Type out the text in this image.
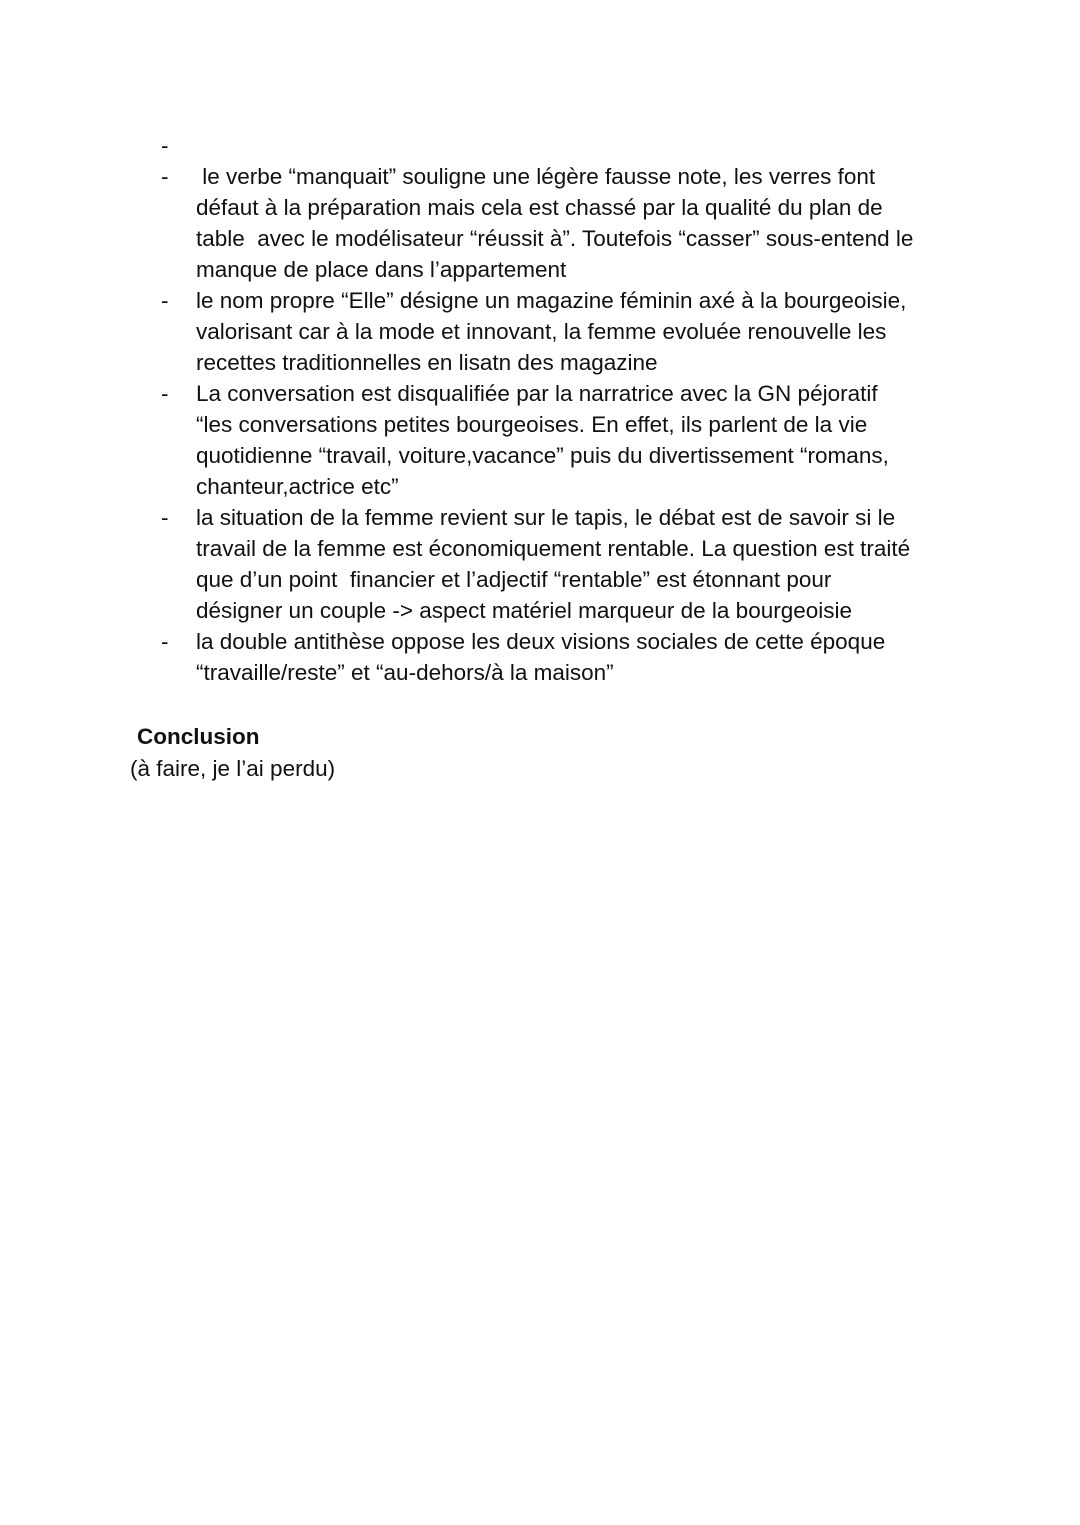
-
-	le verbe “manquait” souligne une légère fausse note, les verres font
défaut à la préparation mais cela est chassé par la qualité du plan de
table  avec le modélisateur “réussit à”. Toutefois “casser” sous-entend le
manque de place dans l’appartement
-	le nom propre “Elle” désigne un magazine féminin axé à la bourgeoisie,
valorisant car à la mode et innovant, la femme evoluée renouvelle les
recettes traditionnelles en lisatn des magazine
-	La conversation est disqualifiée par la narratrice avec la GN péjoratif
“les conversations petites bourgeoises. En effet, ils parlent de la vie
quotidienne “travail, voiture,vacance” puis du divertissement “romans,
chanteur,actrice etc”
-	la situation de la femme revient sur le tapis, le débat est de savoir si le
travail de la femme est économiquement rentable. La question est traité
que d’un point  financier et l’adjectif “rentable” est étonnant pour
désigner un couple -> aspect matériel marqueur de la bourgeoisie
-	la double antithèse oppose les deux visions sociales de cette époque
“travaille/reste” et “au-dehors/à la maison”
Conclusion
(à faire, je l’ai perdu)
